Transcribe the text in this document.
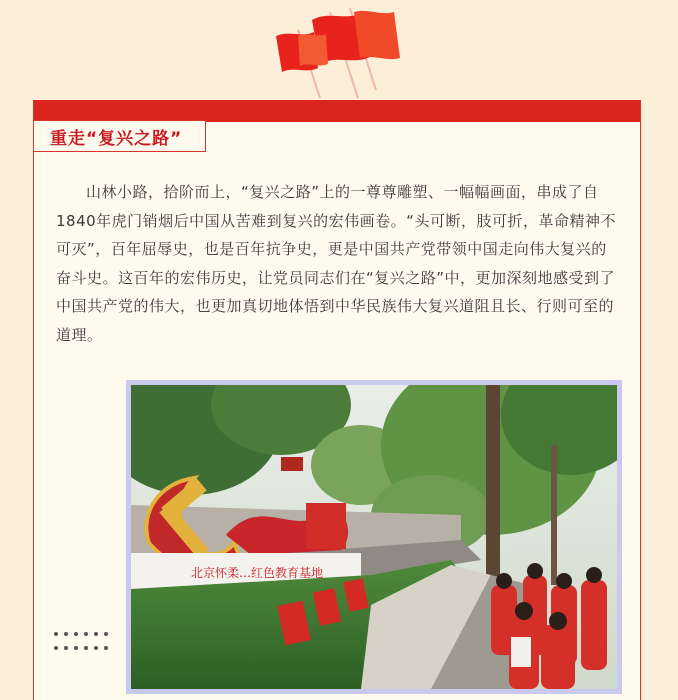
重走“复兴之路”

山林小路，拾阶而上，“复兴之路”上的一尊尊雕塑、一幅幅画面，串成了自1840年虎门销烟后中国从苦难到复兴的宏伟画卷。“头可断，肢可折，革命精神不可灭”，百年屈辱史，也是百年抗争史，更是中国共产党带领中国走向伟大复兴的奋斗史。这百年的宏伟历史，让党员同志们在“复兴之路”中，更加深刻地感受到了中国共产党的伟大，也更加真切地体悟到中华民族伟大复兴道阻且长、行则可至的道理。

北京怀柔…红色教育基地
